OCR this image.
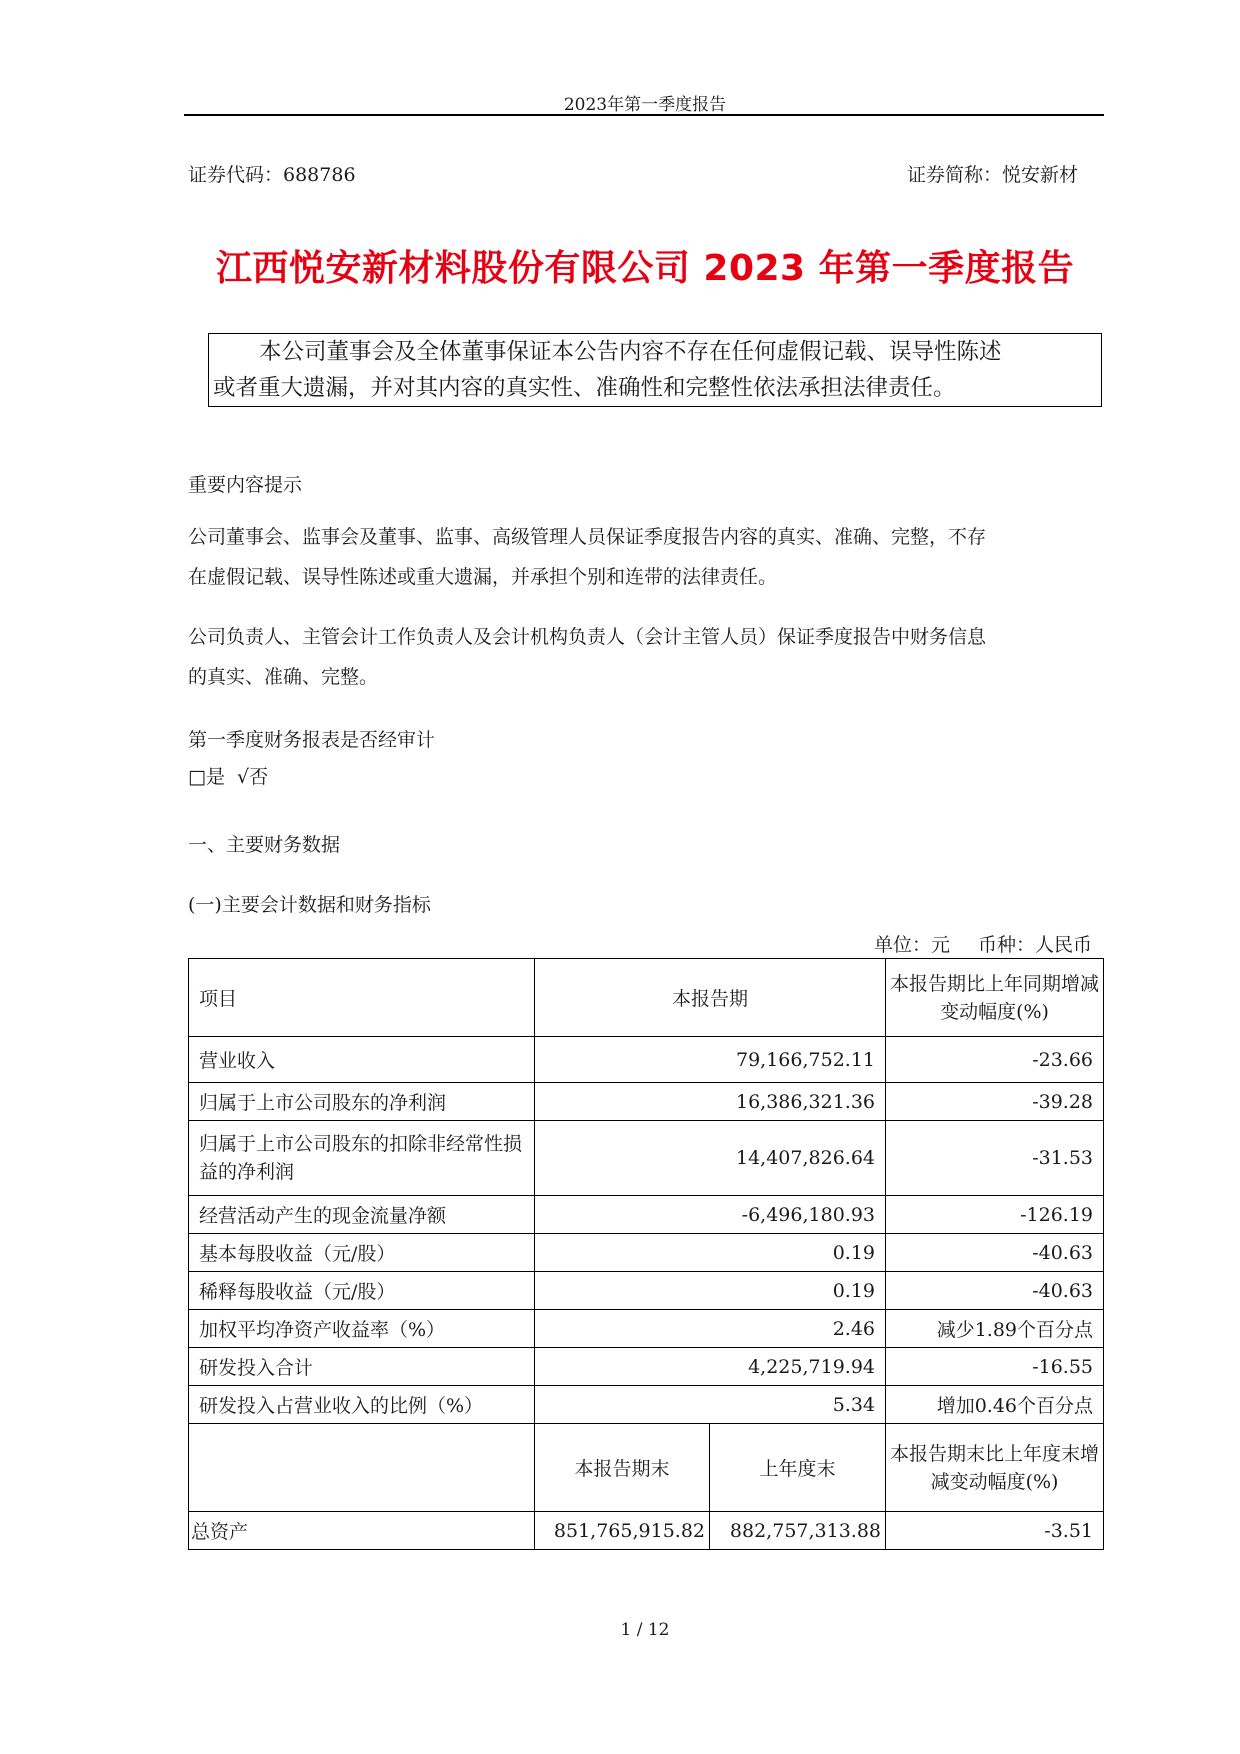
2023年第一季度报告
证券代码：688786	证券简称：悦安新材
江西悦安新材料股份有限公司 2023 年第一季度报告
本公司董事会及全体董事保证本公告内容不存在任何虚假记载、误导性陈述
或者重大遗漏，并对其内容的真实性、准确性和完整性依法承担法律责任。
重要内容提示
公司董事会、监事会及董事、监事、高级管理人员保证季度报告内容的真实、准确、完整，不存
在虚假记载、误导性陈述或重大遗漏，并承担个别和连带的法律责任。
公司负责人、主管会计工作负责人及会计机构负责人（会计主管人员）保证季度报告中财务信息
的真实、准确、完整。
第一季度财务报表是否经审计
□是  √否
一、主要财务数据
(一)主要会计数据和财务指标
单位：元 币种：人民币
项目	本报告期		本报告期比上年同期增减变动幅度(%)
营业收入	79,166,752.11		-23.66
归属于上市公司股东的净利润	16,386,321.36		-39.28
归属于上市公司股东的扣除非经常性损益的净利润	14,407,826.64		-31.53
经营活动产生的现金流量净额	-6,496,180.93		-126.19
基本每股收益（元/股）	0.19		-40.63
稀释每股收益（元/股）	0.19		-40.63
加权平均净资产收益率（%）	2.46		减少1.89个百分点
研发投入合计	4,225,719.94		-16.55
研发投入占营业收入的比例（%）	5.34		增加0.46个百分点
	本报告期末	上年度末	本报告期末比上年度末增减变动幅度(%)
总资产	851,765,915.82	882,757,313.88	-3.51
1 / 12
